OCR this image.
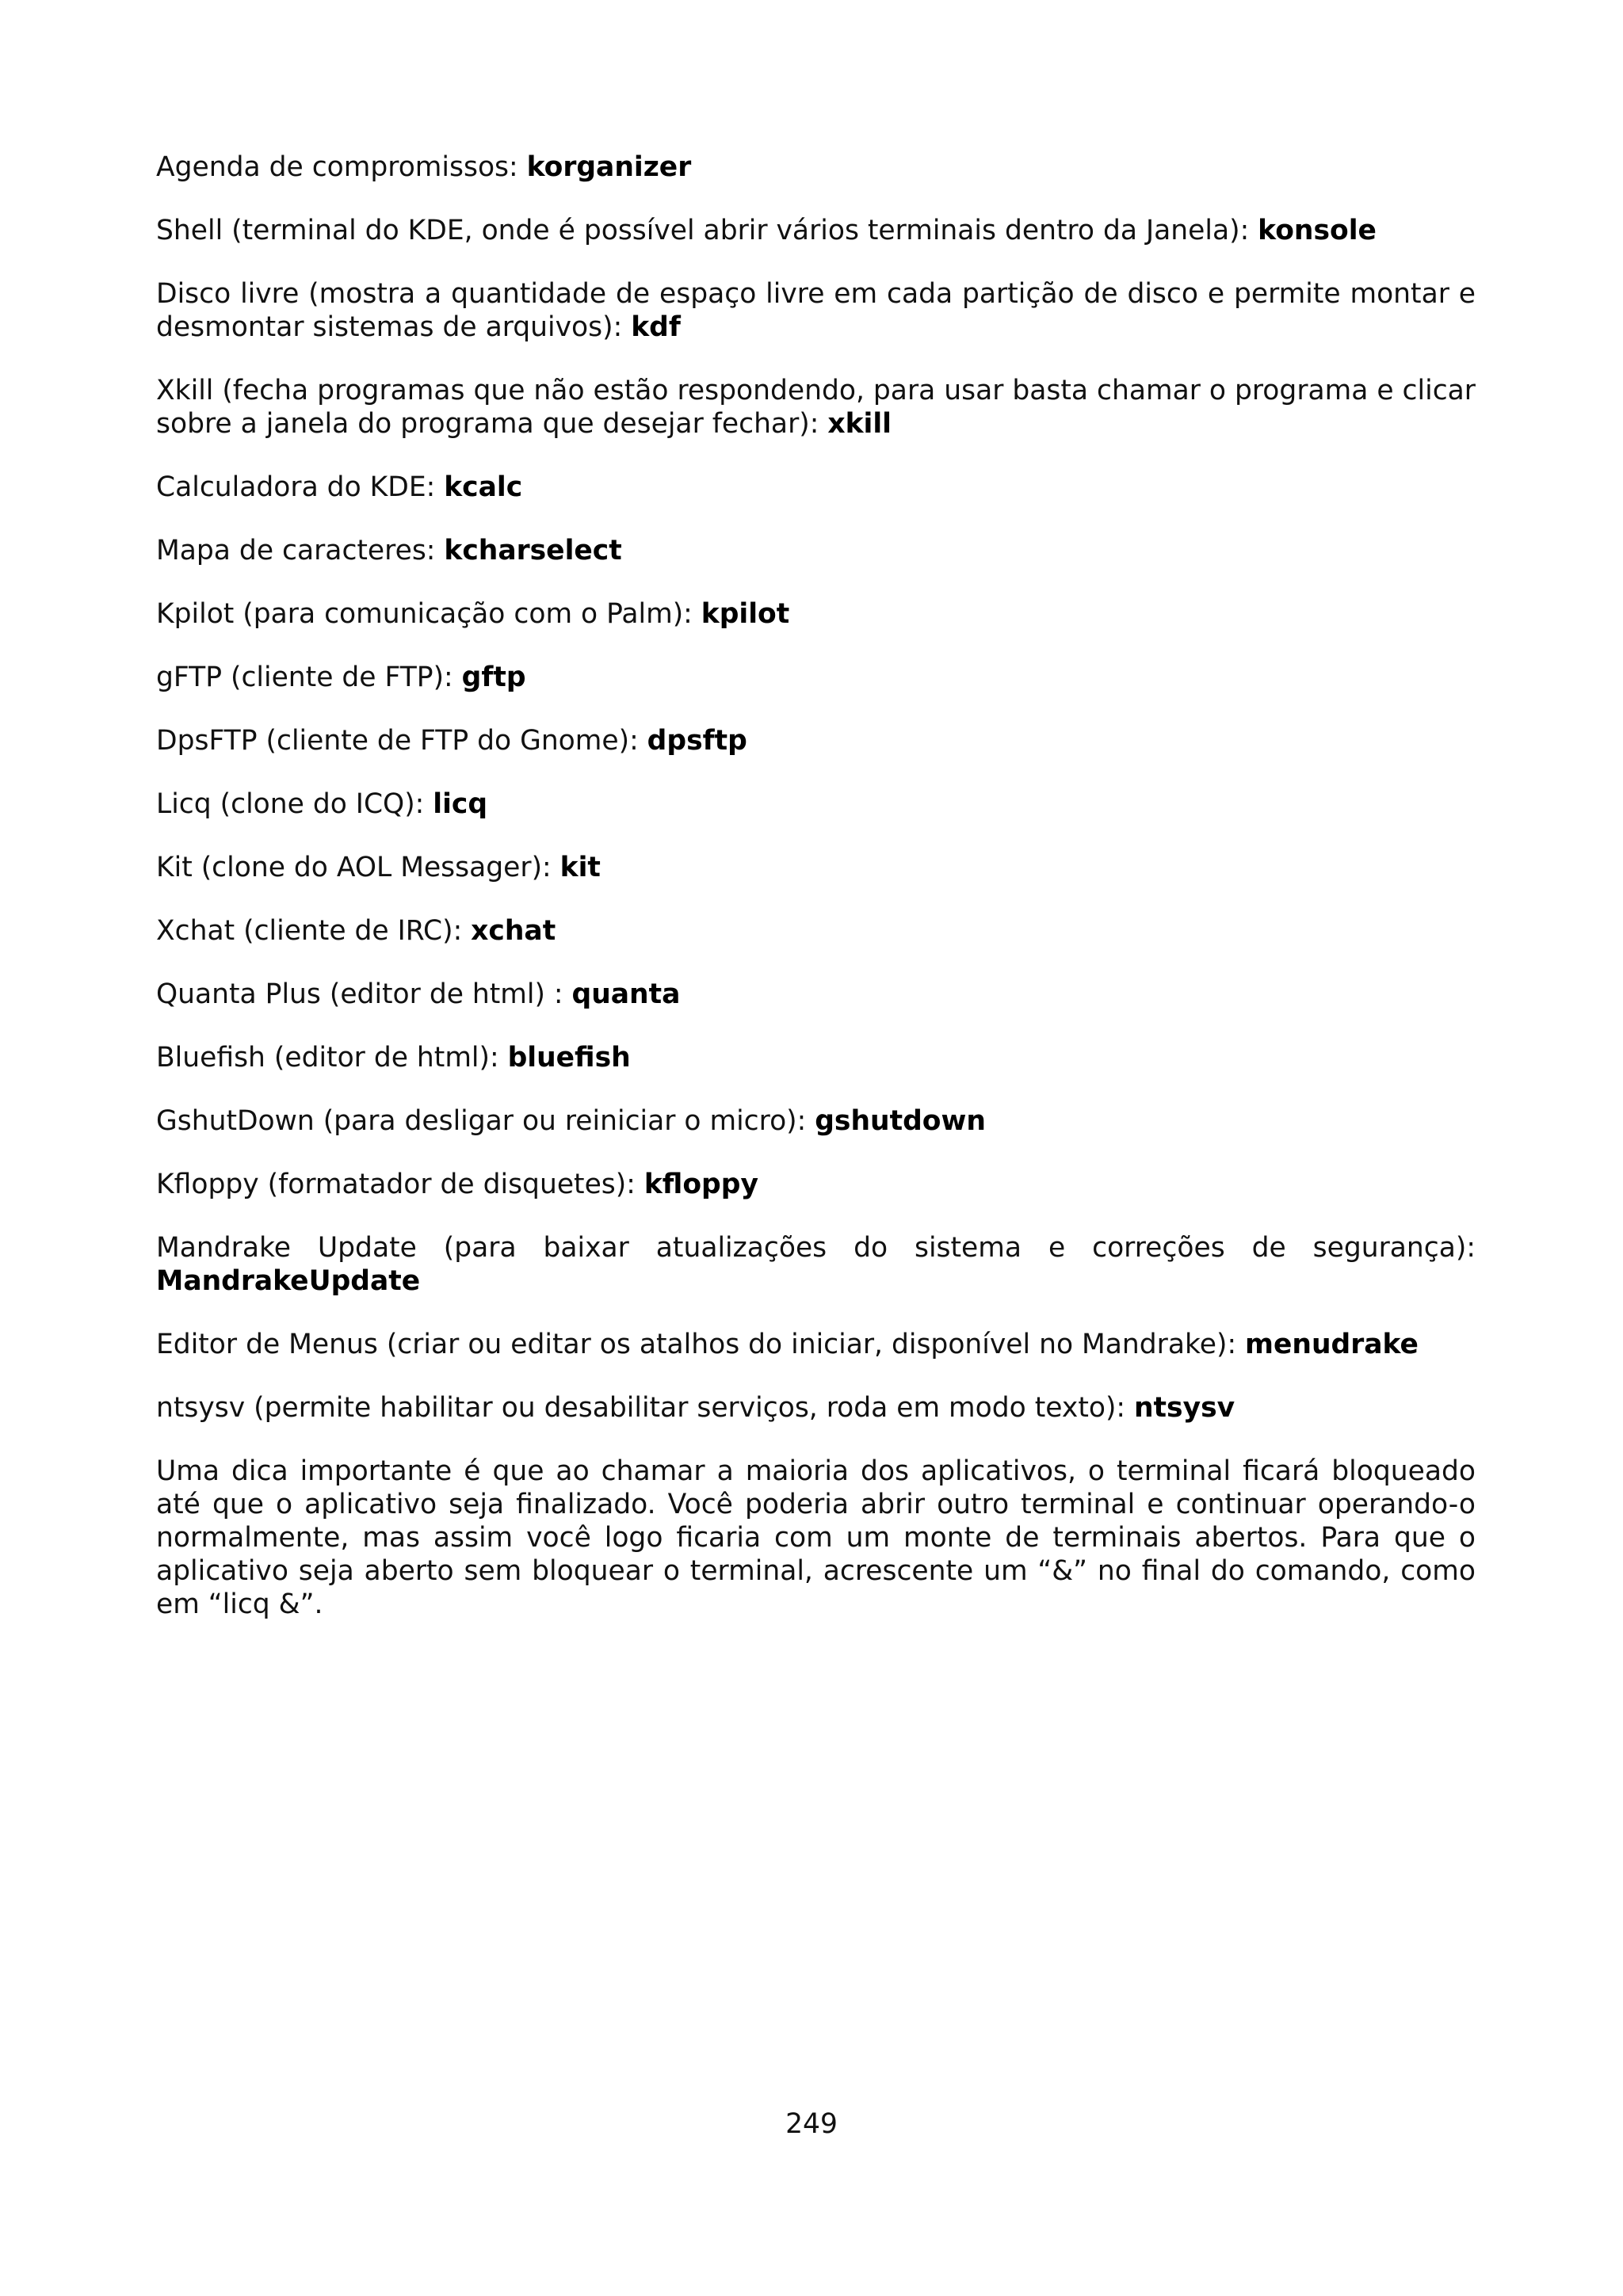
Agenda de compromissos: korganizer

Shell (terminal do KDE, onde é possível abrir vários terminais dentro da Janela): konsole

Disco livre (mostra a quantidade de espaço livre em cada partição de disco e permite montar e desmontar sistemas de arquivos): kdf

Xkill (fecha programas que não estão respondendo, para usar basta chamar o programa e clicar sobre a janela do programa que desejar fechar): xkill

Calculadora do KDE: kcalc

Mapa de caracteres: kcharselect

Kpilot (para comunicação com o Palm): kpilot

gFTP (cliente de FTP): gftp

DpsFTP (cliente de FTP do Gnome): dpsftp

Licq (clone do ICQ): licq

Kit (clone do AOL Messager): kit

Xchat (cliente de IRC): xchat

Quanta Plus (editor de html) : quanta

Bluefish (editor de html): bluefish

GshutDown (para desligar ou reiniciar o micro): gshutdown

Kfloppy (formatador de disquetes): kfloppy

Mandrake Update (para baixar atualizações do sistema e correções de segurança): MandrakeUpdate

Editor de Menus (criar ou editar os atalhos do iniciar, disponível no Mandrake): menudrake

ntsysv (permite habilitar ou desabilitar serviços, roda em modo texto): ntsysv

Uma dica importante é que ao chamar a maioria dos aplicativos, o terminal ficará bloqueado até que o aplicativo seja finalizado. Você poderia abrir outro terminal e continuar operando-o normalmente, mas assim você logo ficaria com um monte de terminais abertos. Para que o aplicativo seja aberto sem bloquear o terminal, acrescente um “&” no final do comando, como em “licq &”.

249
